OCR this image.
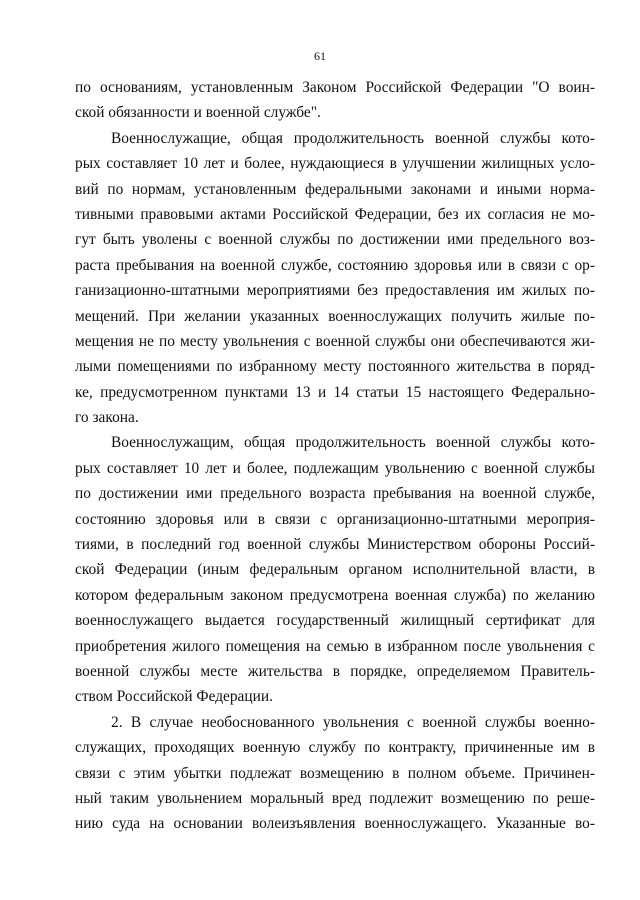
61
по основаниям, установленным Законом Российской Федерации "О воин-
ской обязанности и военной службе".
Военнослужащие, общая продолжительность военной службы кото-
рых составляет 10 лет и более, нуждающиеся в улучшении жилищных усло-
вий по нормам, установленным федеральными законами и иными норма-
тивными правовыми актами Российской Федерации, без их согласия не мо-
гут быть уволены с военной службы по достижении ими предельного воз-
раста пребывания на военной службе, состоянию здоровья или в связи с ор-
ганизационно-штатными мероприятиями без предоставления им жилых по-
мещений. При желании указанных военнослужащих получить жилые по-
мещения не по месту увольнения с военной службы они обеспечиваются жи-
лыми помещениями по избранному месту постоянного жительства в поряд-
ке, предусмотренном пунктами 13 и 14 статьи 15 настоящего Федерально-
го закона.
Военнослужащим, общая продолжительность военной службы кото-
рых составляет 10 лет и более, подлежащим увольнению с военной службы
по достижении ими предельного возраста пребывания на военной службе,
состоянию здоровья или в связи с организационно-штатными мероприя-
тиями, в последний год военной службы Министерством обороны Россий-
ской Федерации (иным федеральным органом исполнительной власти, в
котором федеральным законом предусмотрена военная служба) по желанию
военнослужащего выдается государственный жилищный сертификат для
приобретения жилого помещения на семью в избранном после увольнения с
военной службы месте жительства в порядке, определяемом Правитель-
ством Российской Федерации.
2. В случае необоснованного увольнения с военной службы военно-
служащих, проходящих военную службу по контракту, причиненные им в
связи с этим убытки подлежат возмещению в полном объеме. Причинен-
ный таким увольнением моральный вред подлежит возмещению по реше-
нию суда на основании волеизъявления военнослужащего. Указанные во-
